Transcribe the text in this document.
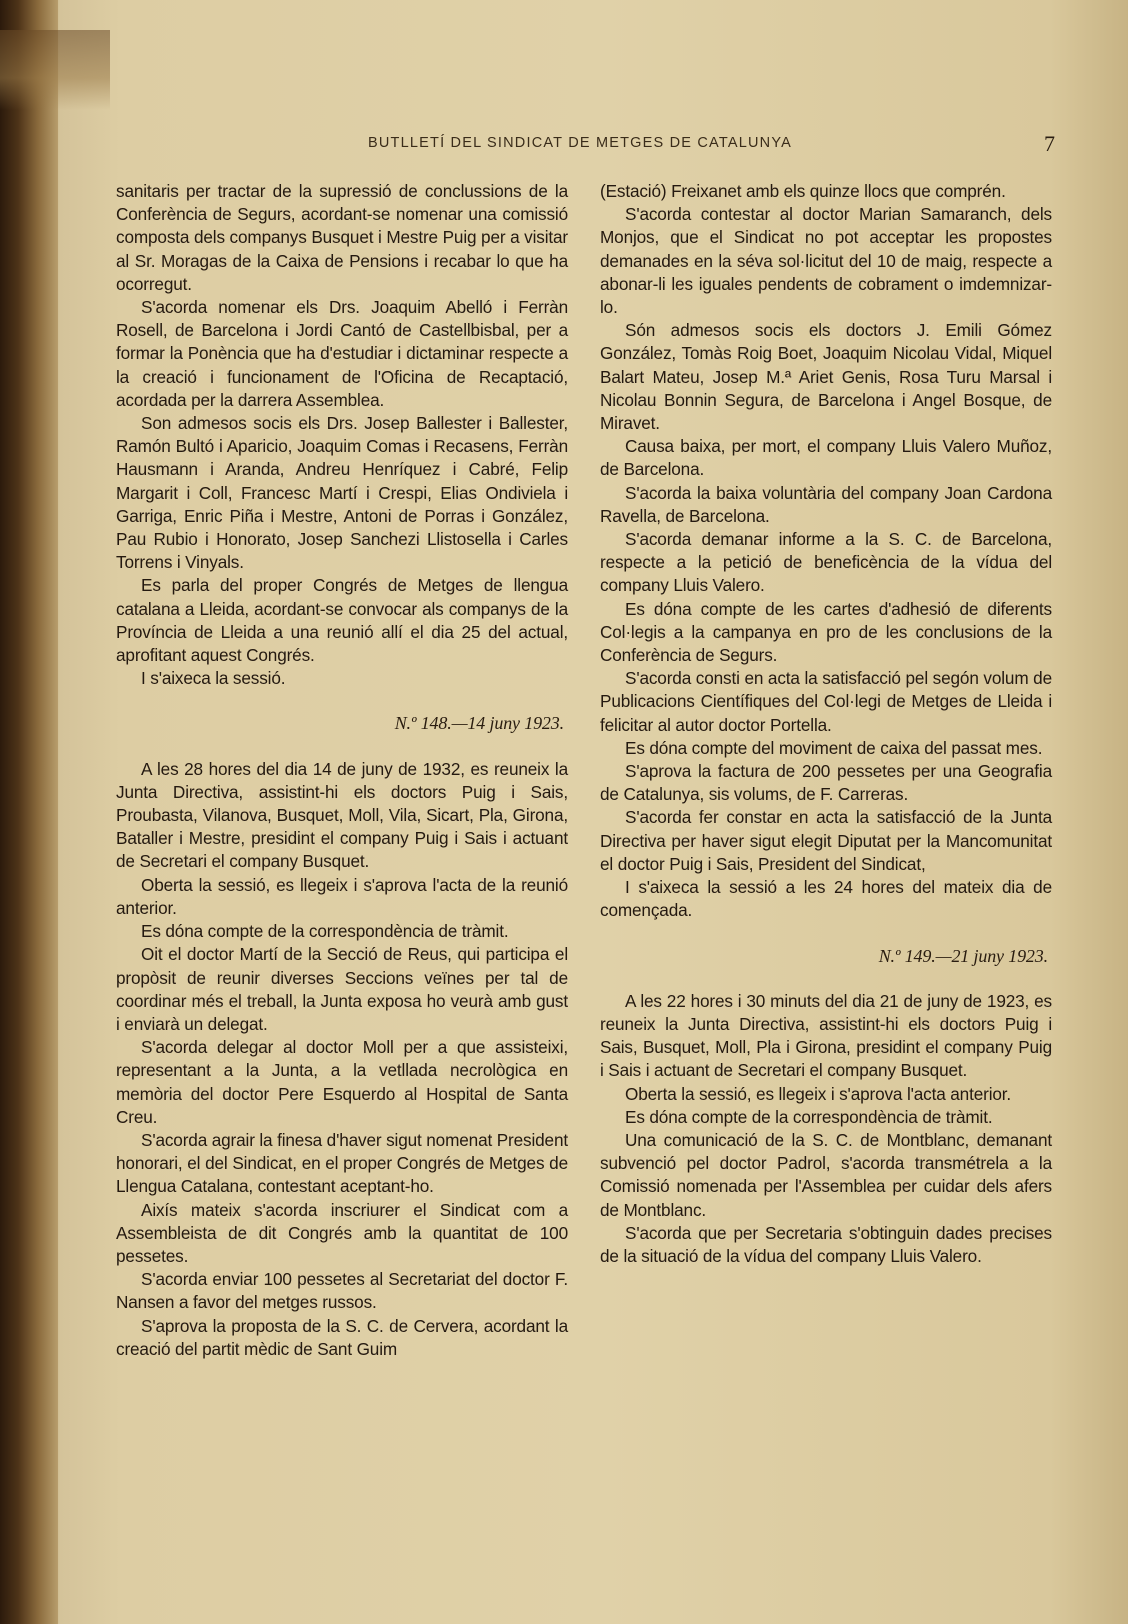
BUTLLETÍ DEL SINDICAT DE METGES DE CATALUNYA	7

sanitaris per tractar de la supressió de conclussions de la Conferència de Segurs, acordant-se nomenar una comissió composta dels companys Busquet i Mestre Puig per a visitar al Sr. Moragas de la Caixa de Pensions i recabar lo que ha ocorregut.

S'acorda nomenar els Drs. Joaquim Abelló i Ferràn Rosell, de Barcelona i Jordi Cantó de Castellbisbal, per a formar la Ponència que ha d'estudiar i dictaminar respecte a la creació i funcionament de l'Oficina de Recaptació, acordada per la darrera Assemblea.

Son admesos socis els Drs. Josep Ballester i Ballester, Ramón Bultó i Aparicio, Joaquim Comas i Recasens, Ferràn Hausmann i Aranda, Andreu Henríquez i Cabré, Felip Margarit i Coll, Francesc Martí i Crespi, Elias Ondiviela i Garriga, Enric Piña i Mestre, Antoni de Porras i González, Pau Rubio i Honorato, Josep Sanchezi Llistosella i Carles Torrens i Vinyals.

Es parla del proper Congrés de Metges de llengua catalana a Lleida, acordant-se convocar als companys de la Província de Lleida a una reunió allí el dia 25 del actual, aprofitant aquest Congrés.

I s'aixeca la sessió.

N.º 148.—14 juny 1923.

A les 28 hores del dia 14 de juny de 1932, es reuneix la Junta Directiva, assistint-hi els doctors Puig i Sais, Proubasta, Vilanova, Busquet, Moll, Vila, Sicart, Pla, Girona, Bataller i Mestre, presidint el company Puig i Sais i actuant de Secretari el company Busquet.

Oberta la sessió, es llegeix i s'aprova l'acta de la reunió anterior.

Es dóna compte de la correspondència de tràmit.

Oit el doctor Martí de la Secció de Reus, qui participa el propòsit de reunir diverses Seccions veïnes per tal de coordinar més el treball, la Junta exposa ho veurà amb gust i enviarà un delegat.

S'acorda delegar al doctor Moll per a que assisteixi, representant a la Junta, a la vetllada necrològica en memòria del doctor Pere Esquerdo al Hospital de Santa Creu.

S'acorda agrair la finesa d'haver sigut nomenat President honorari, el del Sindicat, en el proper Congrés de Metges de Llengua Catalana, contestant aceptant-ho.

Aixís mateix s'acorda inscriurer el Sindicat com a Assembleista de dit Congrés amb la quantitat de 100 pessetes.

S'acorda enviar 100 pessetes al Secretariat del doctor F. Nansen a favor del metges russos.

S'aprova la proposta de la S. C. de Cervera, acordant la creació del partit mèdic de Sant Guim

(Estació) Freixanet amb els quinze llocs que comprén.

S'acorda contestar al doctor Marian Samaranch, dels Monjos, que el Sindicat no pot acceptar les propostes demanades en la séva sol·licitut del 10 de maig, respecte a abonar-li les iguales pendents de cobrament o imdemnizar-lo.

Són admesos socis els doctors J. Emili Gómez González, Tomàs Roig Boet, Joaquim Nicolau Vidal, Miquel Balart Mateu, Josep M.ª Ariet Genis, Rosa Turu Marsal i Nicolau Bonnin Segura, de Barcelona i Angel Bosque, de Miravet.

Causa baixa, per mort, el company Lluis Valero Muñoz, de Barcelona.

S'acorda la baixa voluntària del company Joan Cardona Ravella, de Barcelona.

S'acorda demanar informe a la S. C. de Barcelona, respecte a la petició de beneficència de la vídua del company Lluis Valero.

Es dóna compte de les cartes d'adhesió de diferents Col·legis a la campanya en pro de les conclusions de la Conferència de Segurs.

S'acorda consti en acta la satisfacció pel segón volum de Publicacions Científiques del Col·legi de Metges de Lleida i felicitar al autor doctor Portella.

Es dóna compte del moviment de caixa del passat mes.

S'aprova la factura de 200 pessetes per una Geografia de Catalunya, sis volums, de F. Carreras.

S'acorda fer constar en acta la satisfacció de la Junta Directiva per haver sigut elegit Diputat per la Mancomunitat el doctor Puig i Sais, President del Sindicat,

I s'aixeca la sessió a les 24 hores del mateix dia de començada.

N.º 149.—21 juny 1923.

A les 22 hores i 30 minuts del dia 21 de juny de 1923, es reuneix la Junta Directiva, assistint-hi els doctors Puig i Sais, Busquet, Moll, Pla i Girona, presidint el company Puig i Sais i actuant de Secretari el company Busquet.

Oberta la sessió, es llegeix i s'aprova l'acta anterior.

Es dóna compte de la correspondència de tràmit.

Una comunicació de la S. C. de Montblanc, demanant subvenció pel doctor Padrol, s'acorda transmétrela a la Comissió nomenada per l'Assemblea per cuidar dels afers de Montblanc.

S'acorda que per Secretaria s'obtinguin dades precises de la situació de la vídua del company Lluis Valero.
